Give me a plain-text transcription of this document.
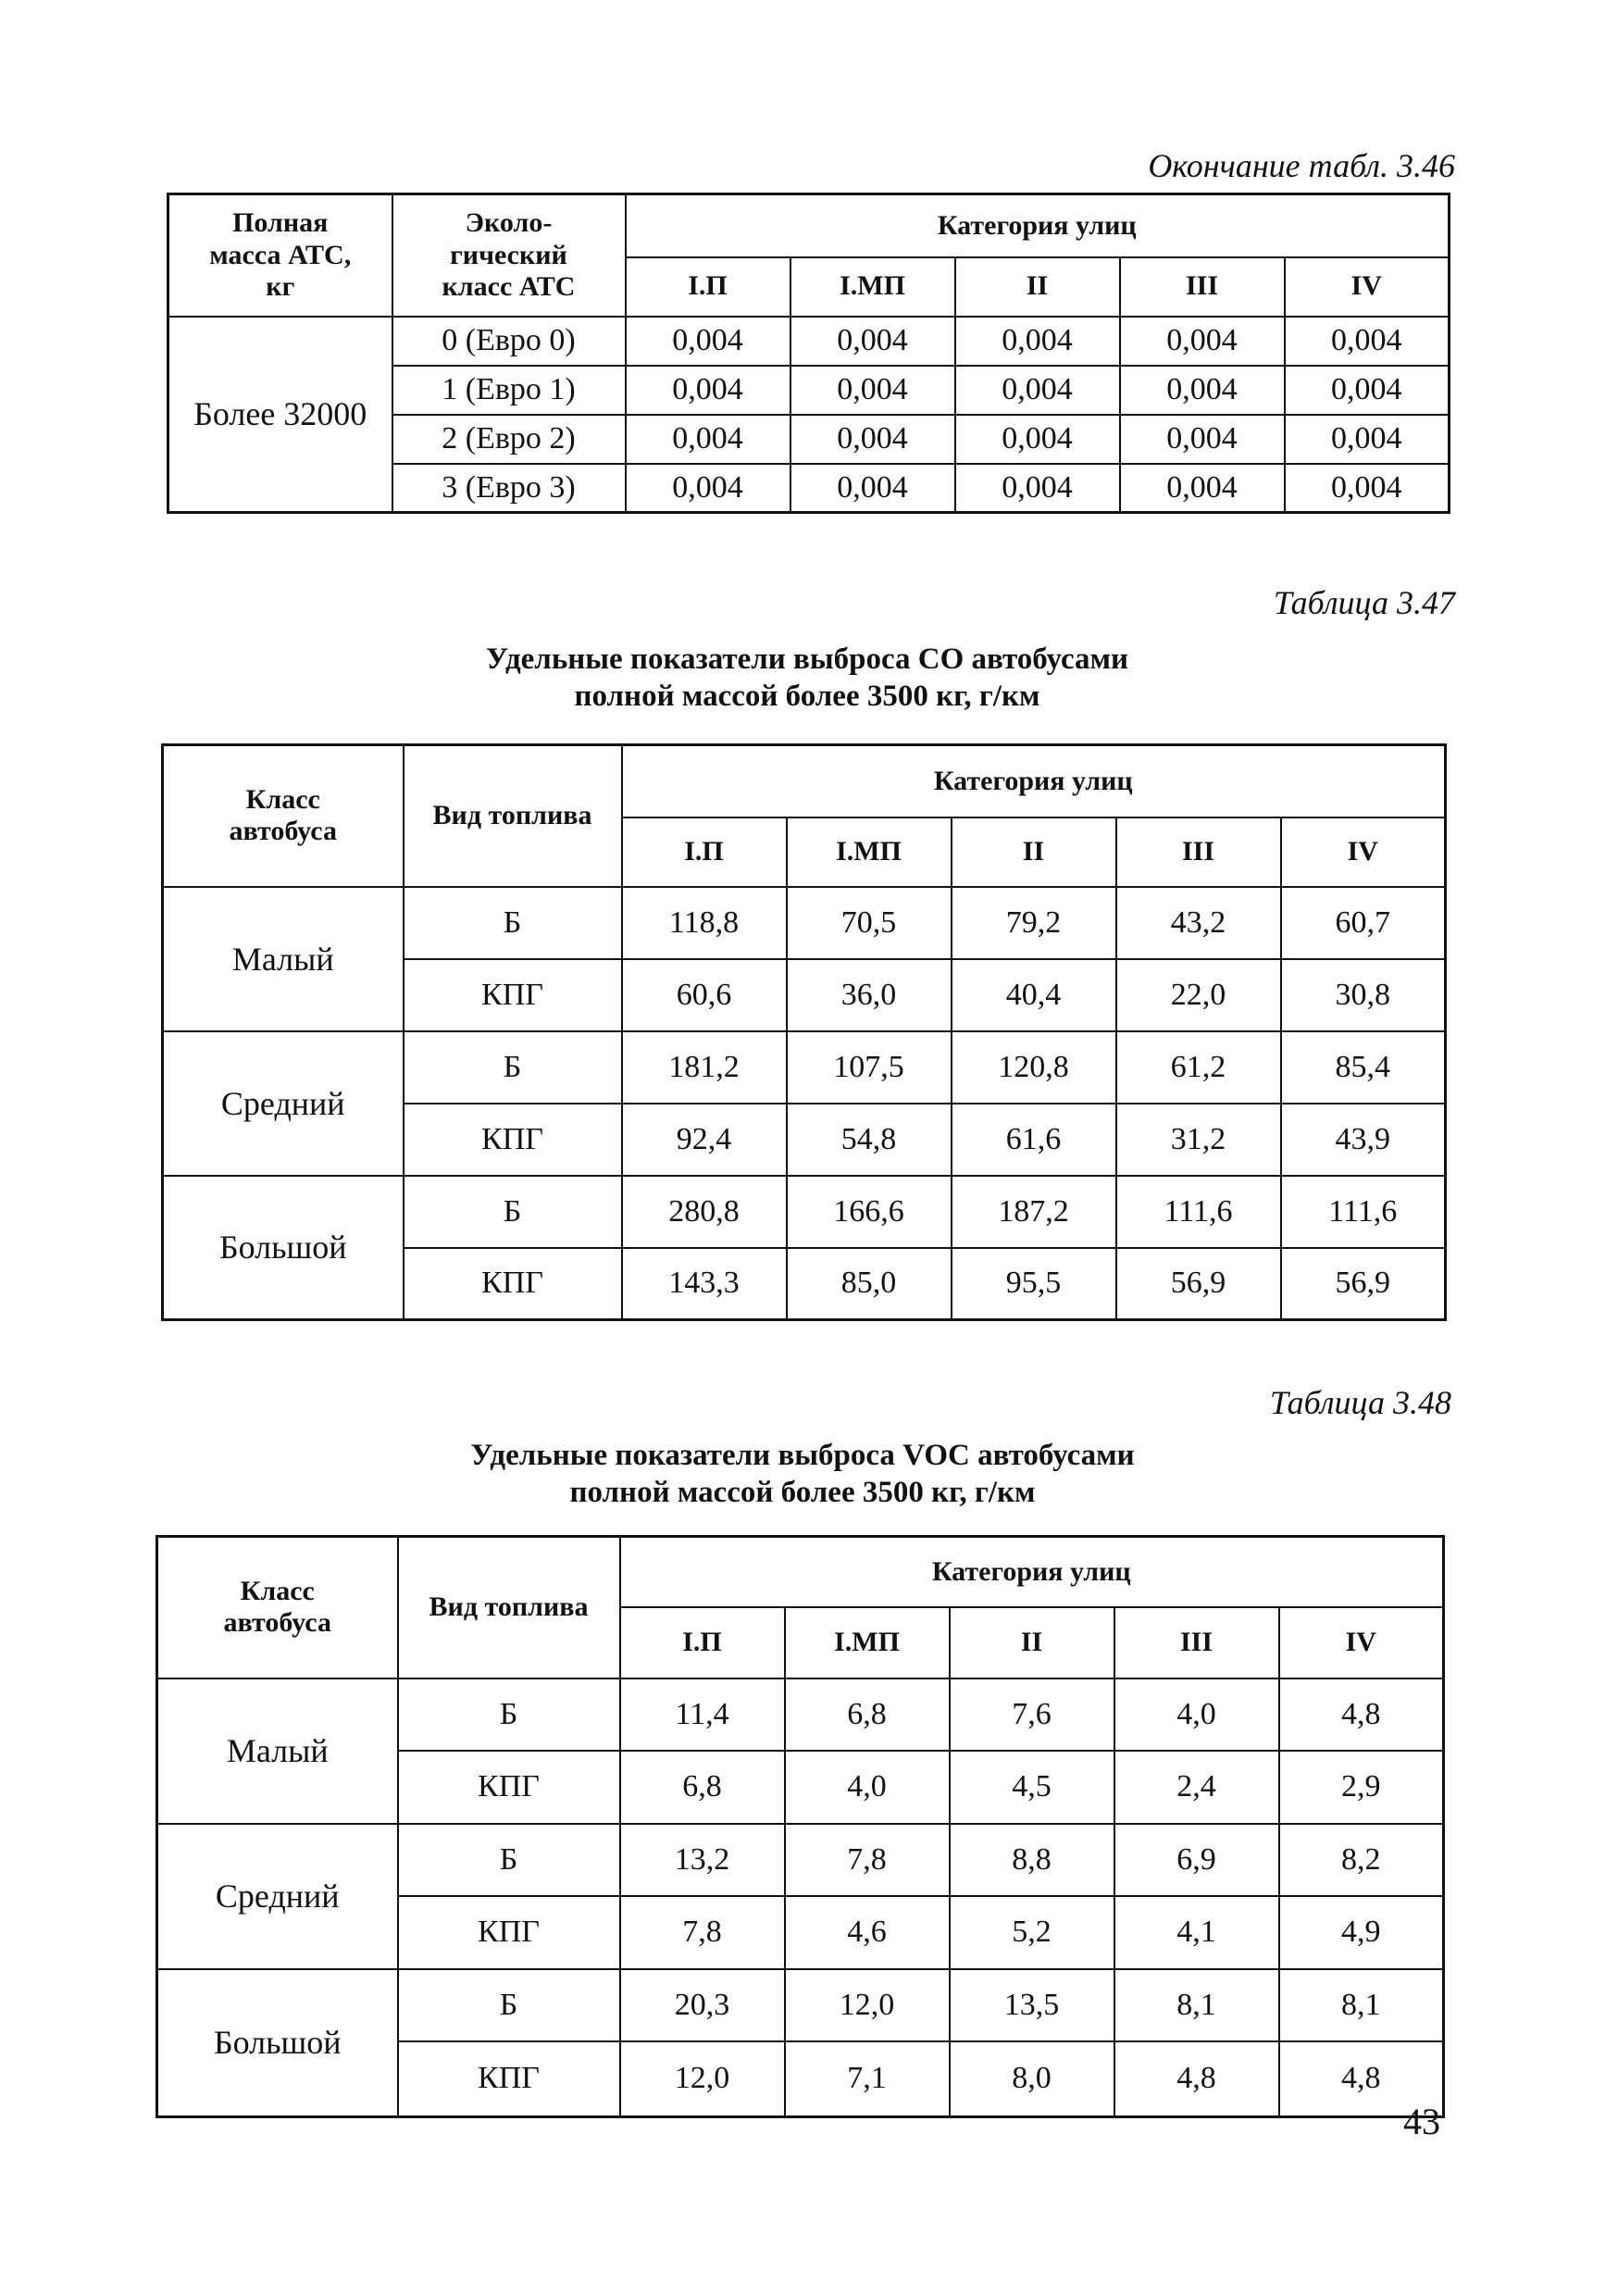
Окончание табл. 3.46
Полная
масса АТС,
кг	Эколо-
гический
класс АТС	Категория улиц				
		I.П	I.МП	II	III	IV
Более 32000	0 (Евро 0)	0,004	0,004	0,004	0,004	0,004
	1 (Евро 1)	0,004	0,004	0,004	0,004	0,004
	2 (Евро 2)	0,004	0,004	0,004	0,004	0,004
	3 (Евро 3)	0,004	0,004	0,004	0,004	0,004
Таблица 3.47
Удельные показатели выброса СО автобусами
полной массой более 3500 кг, г/км
Класс
автобуса	Вид топлива	Категория улиц				
		I.П	I.МП	II	III	IV
Малый	Б	118,8	70,5	79,2	43,2	60,7
	КПГ	60,6	36,0	40,4	22,0	30,8
Средний	Б	181,2	107,5	120,8	61,2	85,4
	КПГ	92,4	54,8	61,6	31,2	43,9
Большой	Б	280,8	166,6	187,2	111,6	111,6
	КПГ	143,3	85,0	95,5	56,9	56,9
Таблица 3.48
Удельные показатели выброса VOC автобусами
полной массой более 3500 кг, г/км
Класс
автобуса	Вид топлива	Категория улиц				
		I.П	I.МП	II	III	IV
Малый	Б	11,4	6,8	7,6	4,0	4,8
	КПГ	6,8	4,0	4,5	2,4	2,9
Средний	Б	13,2	7,8	8,8	6,9	8,2
	КПГ	7,8	4,6	5,2	4,1	4,9
Большой	Б	20,3	12,0	13,5	8,1	8,1
	КПГ	12,0	7,1	8,0	4,8	4,8
43
